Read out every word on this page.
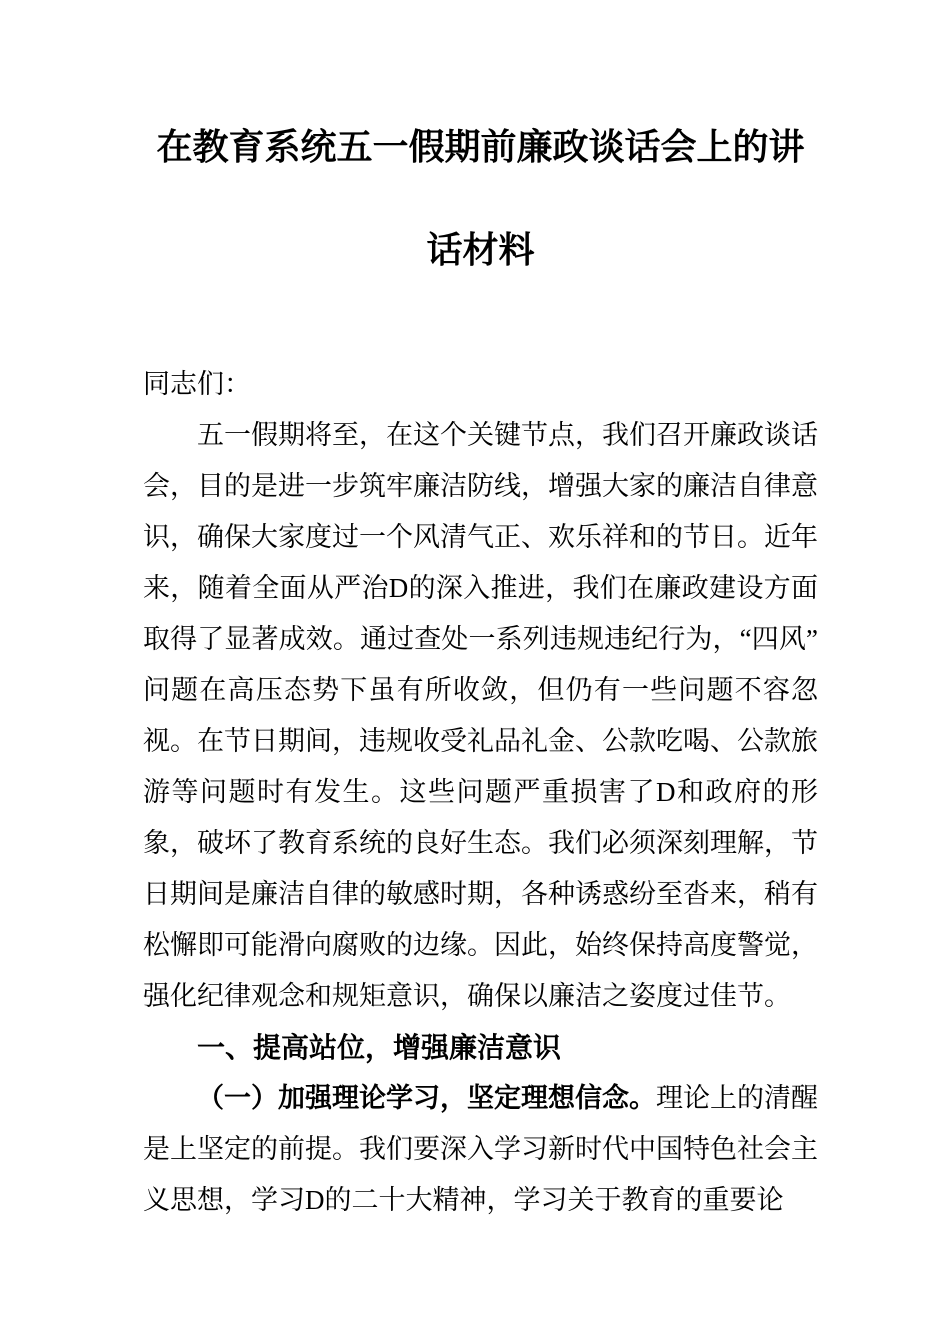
在教育系统五一假期前廉政谈话会上的讲
话材料

同志们：

五一假期将至，在这个关键节点，我们召开廉政谈话会，目的是进一步筑牢廉洁防线，增强大家的廉洁自律意识，确保大家度过一个风清气正、欢乐祥和的节日。近年来，随着全面从严治D的深入推进，我们在廉政建设方面取得了显著成效。通过查处一系列违规违纪行为，“四风”问题在高压态势下虽有所收敛，但仍有一些问题不容忽视。在节日期间，违规收受礼品礼金、公款吃喝、公款旅游等问题时有发生。这些问题严重损害了D和政府的形象，破坏了教育系统的良好生态。我们必须深刻理解，节日期间是廉洁自律的敏感时期，各种诱惑纷至沓来，稍有松懈即可能滑向腐败的边缘。因此，始终保持高度警觉，强化纪律观念和规矩意识，确保以廉洁之姿度过佳节。

一、提高站位，增强廉洁意识

（一）加强理论学习，坚定理想信念。理论上的清醒是上坚定的前提。我们要深入学习新时代中国特色社会主义思想，学习D的二十大精神，学习关于教育的重要论
